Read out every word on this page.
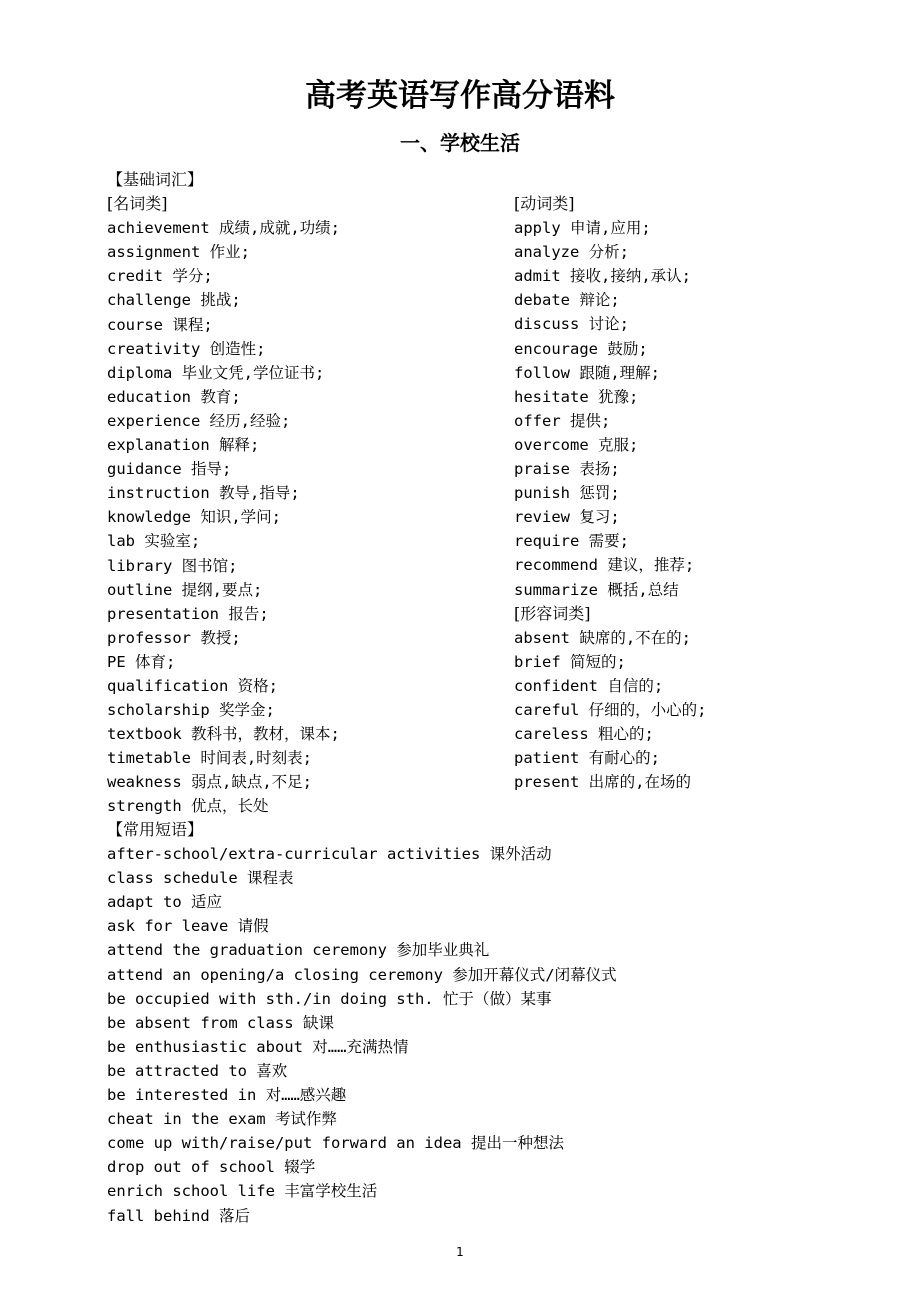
高考英语写作高分语料
一、学校生活
【基础词汇】
[名词类]
achievement 成绩,成就,功绩;
assignment 作业;
credit 学分;
challenge 挑战;
course 课程;
creativity 创造性;
diploma 毕业文凭,学位证书;
education 教育;
experience 经历,经验;
explanation 解释;
guidance 指导;
instruction 教导,指导;
knowledge 知识,学问;
lab 实验室;
library 图书馆;
outline 提纲,要点;
presentation 报告;
professor 教授;
PE 体育;
qualification 资格;
scholarship 奖学金;
textbook 教科书，教材，课本;
timetable 时间表,时刻表;
weakness 弱点,缺点,不足;
strength 优点，长处
[动词类]
apply 申请,应用;
analyze 分析;
admit 接收,接纳,承认;
debate 辩论;
discuss 讨论;
encourage 鼓励;
follow 跟随,理解;
hesitate 犹豫;
offer 提供;
overcome 克服;
praise 表扬;
punish 惩罚;
review 复习;
require 需要;
recommend 建议，推荐;
summarize 概括,总结
[形容词类]
absent 缺席的,不在的;
brief 简短的;
confident 自信的;
careful 仔细的，小心的;
careless 粗心的;
patient 有耐心的;
present 出席的,在场的
【常用短语】
after-school/extra-curricular activities 课外活动
class schedule 课程表
adapt to 适应
ask for leave 请假
attend the graduation ceremony 参加毕业典礼
attend an opening/a closing ceremony 参加开幕仪式/闭幕仪式
be occupied with sth./in doing sth. 忙于（做）某事
be absent from class 缺课
be enthusiastic about 对……充满热情
be attracted to 喜欢
be interested in 对……感兴趣
cheat in the exam 考试作弊
come up with/raise/put forward an idea 提出一种想法
drop out of school 辍学
enrich school life 丰富学校生活
fall behind 落后
1
